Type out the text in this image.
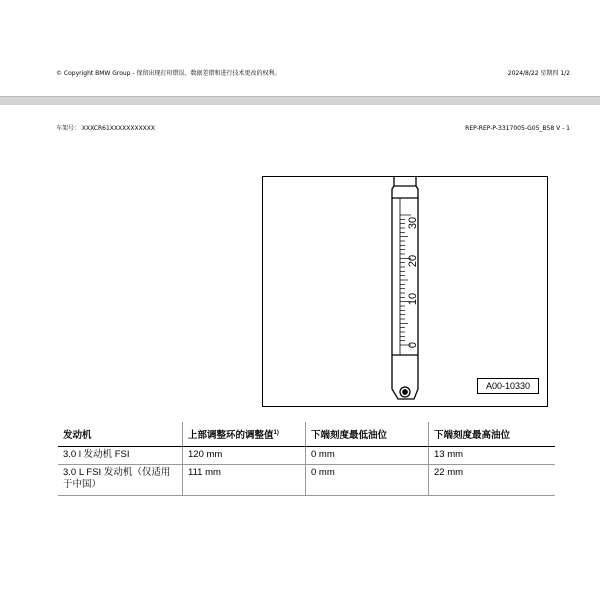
© Copyright BMW Group - 保留出现打印错误、数据差错和进行技术更改的权利。	2024/8/22 星期四 1/2
车架号： XXXCR61XXXXXXXXXXX	REP-REP-P-3317005-G05_B58 V - 1
0
10
20
30
A00-10330
发动机	上部调整环的调整值$^{1)}$	下端刻度最低油位	下端刻度最高油位
3.0 l 发动机 FSI	120 mm	0 mm	13 mm
3.0 L FSI 发动机（仅适用于中国）	111 mm	0 mm	22 mm
